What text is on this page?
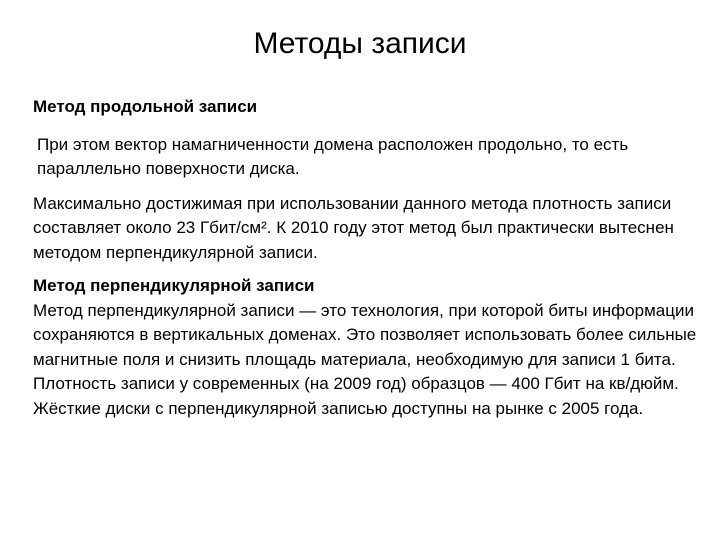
Методы записи

Метод продольной записи

При этом вектор намагниченности домена расположен продольно, то есть параллельно поверхности диска.

Максимально достижимая при использовании данного метода плотность записи составляет около 23 Гбит/см². К 2010 году этот метод был практически вытеснен методом перпендикулярной записи.

Метод перпендикулярной записи

Метод перпендикулярной записи — это технология, при которой биты информации сохраняются в вертикальных доменах. Это позволяет использовать более сильные магнитные поля и снизить площадь материала, необходимую для записи 1 бита. Плотность записи у современных (на 2009 год) образцов — 400 Гбит на кв/дюйм. Жёсткие диски с перпендикулярной записью доступны на рынке с 2005 года.
